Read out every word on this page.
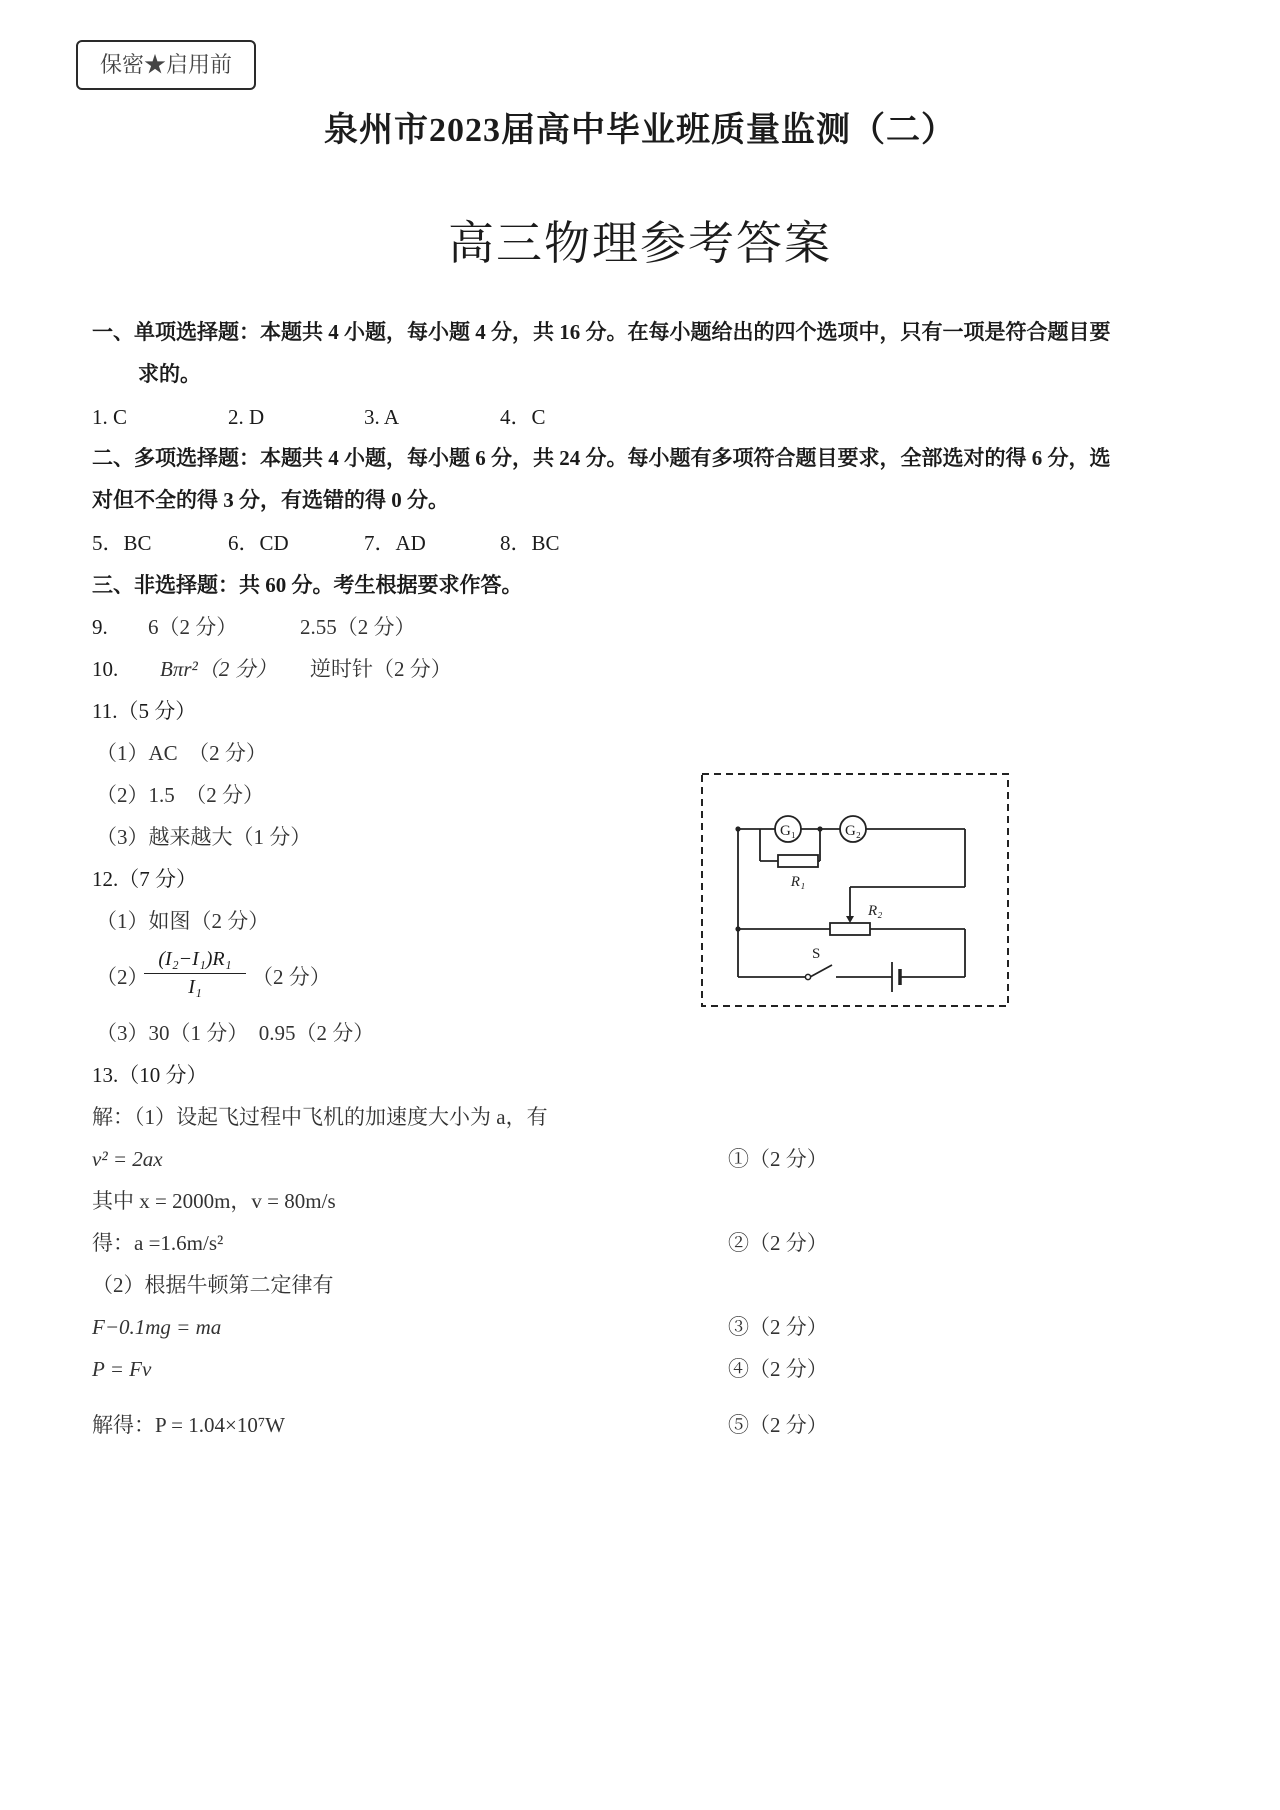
保密★启用前
泉州市2023届高中毕业班质量监测（二）
高三物理参考答案
一、单项选择题：本题共 4 小题，每小题 4 分，共 16 分。在每小题给出的四个选项中，只有一项是符合题目要
求的。
1. C	2. D	3. A	4．C
二、多项选择题：本题共 4 小题，每小题 6 分，共 24 分。每小题有多项符合题目要求，全部选对的得 6 分，选
对但不全的得 3 分，有选错的得 0 分。
5．BC	6．CD	7．AD	8．BC
三、非选择题：共 60 分。考生根据要求作答。
9. 6（2 分）	2.55（2 分）
10. Bπr²（2 分） 逆时针（2 分）
11.（5 分）
（1）AC　（2 分）
（2）1.5　（2 分）
（3）越来越大（1 分）
12.（7 分）
（1）如图（2 分）
（2）
(I₂−I₁)R₁
I₁	（2 分）
（3）30（1 分）　0.95（2 分）
13.（10 分）
解：（1）设起飞过程中飞机的加速度大小为 a，有
v² = 2ax	①（2 分）
其中 x = 2000m，v = 80m/s
得：a =1.6m/s²	②（2 分）
（2）根据牛顿第二定律有
F−0.1mg = ma	③（2 分）
P = Fv	④（2 分）
解得：P = 1.04×10⁷W	⑤（2 分）
G₁	G₂
R₁
R₂
S
